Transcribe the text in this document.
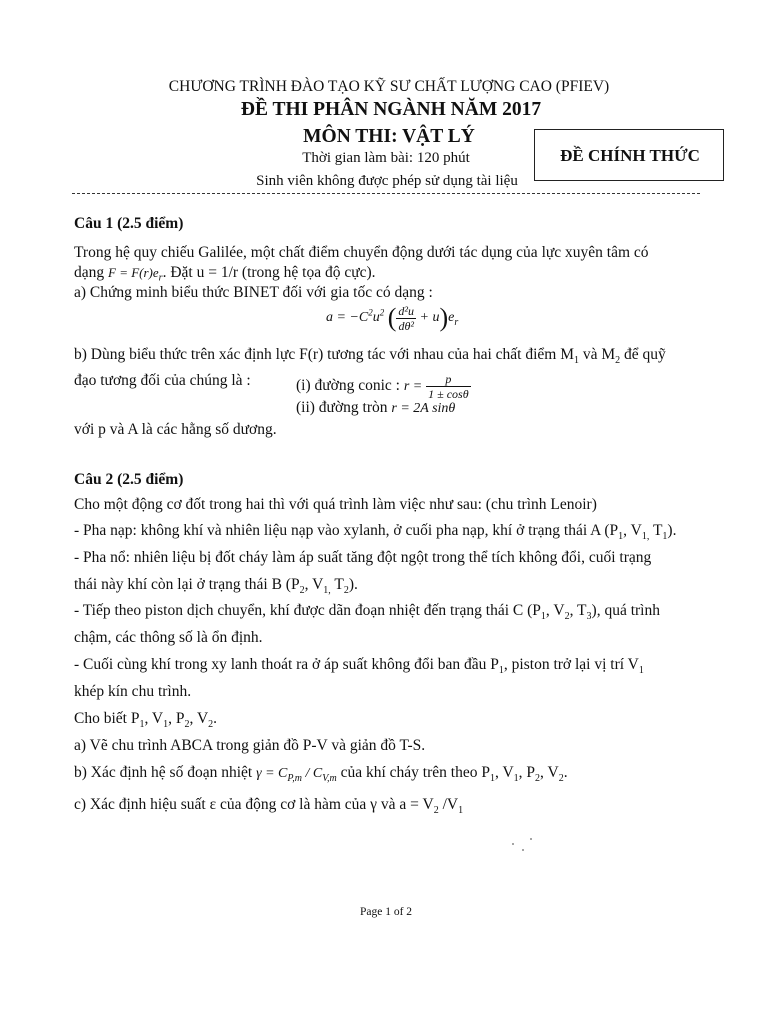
CHƯƠNG TRÌNH ĐÀO TẠO KỸ SƯ CHẤT LƯỢNG CAO (PFIEV)
ĐỀ THI PHÂN NGÀNH NĂM 2017
MÔN THI: VẬT LÝ
Thời gian làm bài: 120 phút
Sinh viên không được phép sử dụng tài liệu
ĐỀ CHÍNH THỨC
Câu 1 (2.5 điểm)
Trong hệ quy chiếu Galilée, một chất điểm chuyển động dưới tác dụng của lực xuyên tâm có
dạng $F = F(r)e_r$. Đặt u = 1/r (trong hệ tọa độ cực).
a) Chứng minh biểu thức BINET đối với gia tốc có dạng :
$a = -C^2u^2$ ( $\frac{\text{d²u}}{\text{dθ²}} + u)e_r$
b) Dùng biểu thức trên xác định lực F(r) tương tác với nhau của hai chất điểm $M_1$ và $M_2$ để quỹ
đạo tương đối của chúng là :	(i) đường conic : $r = \frac{p}{1 \pm \cos\theta}$
(ii) đường tròn r = 2A sinθ
với p và A là các hằng số dương.
Câu 2 (2.5 điểm)
Cho một động cơ đốt trong hai thì với quá trình làm việc như sau: (chu trình Lenoir)
- Pha nạp: không khí và nhiên liệu nạp vào xylanh, ở cuối pha nạp, khí ở trạng thái A ($P_1$, $V_{1,}$ $T_1$).
- Pha nổ: nhiên liệu bị đốt cháy làm áp suất tăng đột ngột trong thể tích không đổi, cuối trạng
thái này khí còn lại ở trạng thái B ($P_2$, $V_{1,}$ $T_2$).
- Tiếp theo piston dịch chuyển, khí được dãn đoạn nhiệt đến trạng thái C ($P_1$, $V_2$, $T_3$), quá trình
chậm, các thông số là ổn định.
- Cuối cùng khí trong xy lanh thoát ra ở áp suất không đổi ban đầu $P_1$, piston trở lại vị trí $V_1$
khép kín chu trình.
Cho biết $P_1$, $V_1$, $P_2$, $V_2$.
a) Vẽ chu trình ABCA trong giản đồ P-V và giản đồ T-S.
b) Xác định hệ số đoạn nhiệt $\gamma = C_{P,m} / C_{V,m}$ của khí cháy trên theo $P_1$, $V_1$, $P_2$, $V_2$.
c) Xác định hiệu suất ε của động cơ là hàm của γ và $a = V_2$ $/V_1$
Page 1 of 2
